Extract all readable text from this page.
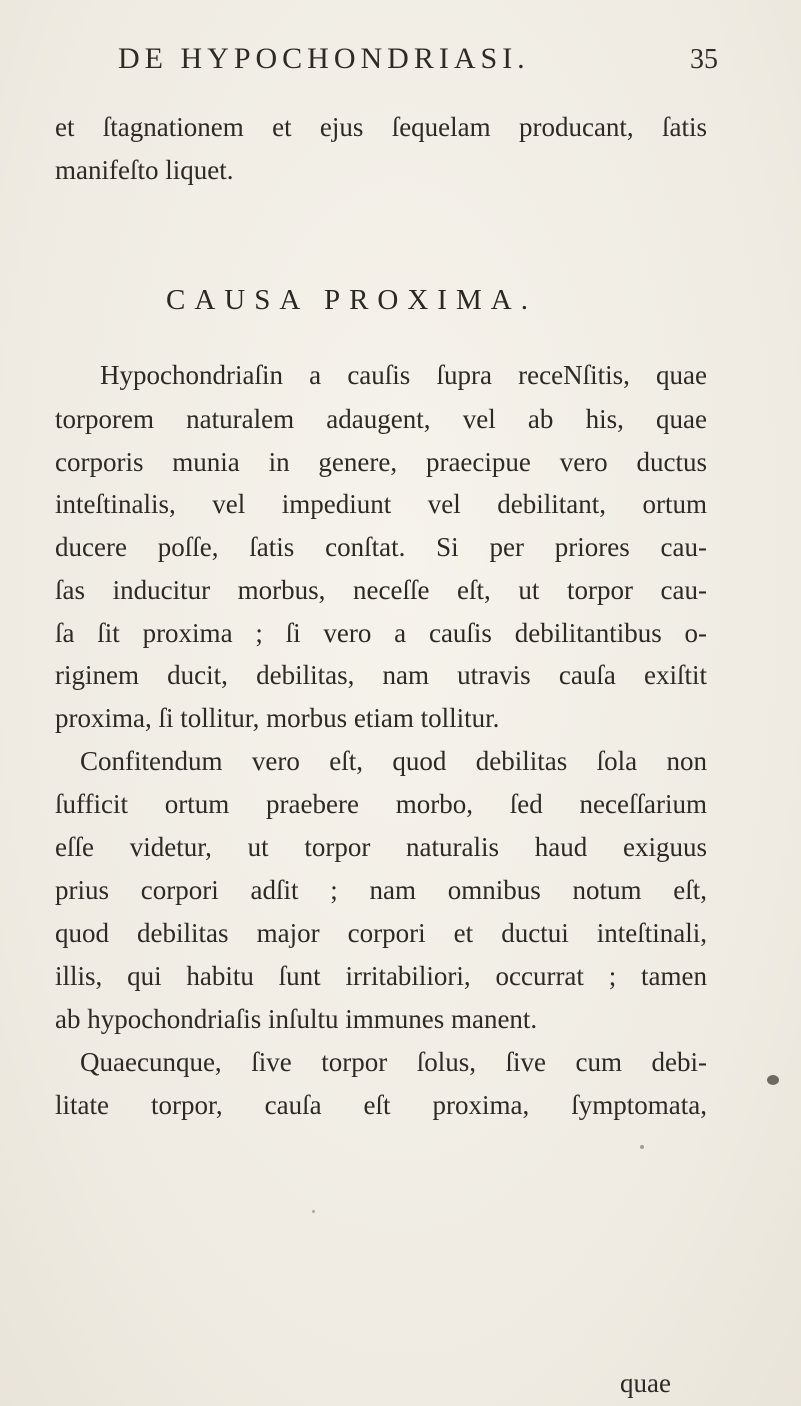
DE HYPOCHONDRIASI.	35
et ſtagnationem et ejus ſequelam producant, ſatis
manifeſto liquet.
CAUSA PROXIMA.
Hypochondriaſin a cauſis ſupra receNſitis, quae
torporem naturalem adaugent, vel ab his, quae
corporis munia in genere, praecipue vero ductus
inteſtinalis, vel impediunt vel debilitant, ortum
ducere poſſe, ſatis conſtat. Si per priores cau-
ſas inducitur morbus, neceſſe eſt, ut torpor cau-
ſa ſit proxima ; ſi vero a cauſis debilitantibus o-
riginem ducit, debilitas, nam utravis cauſa exiſtit
proxima, ſi tollitur, morbus etiam tollitur.
Confitendum vero eſt, quod debilitas ſola non
ſufficit ortum praebere morbo, ſed neceſſarium
eſſe videtur, ut torpor naturalis haud exiguus
prius corpori adſit ; nam omnibus notum eſt,
quod debilitas major corpori et ductui inteſtinali,
illis, qui habitu ſunt irritabiliori, occurrat ; tamen
ab hypochondriaſis inſultu immunes manent.
Quaecunque, ſive torpor ſolus, ſive cum debi-
litate torpor, cauſa eſt proxima, ſymptomata,
quae
